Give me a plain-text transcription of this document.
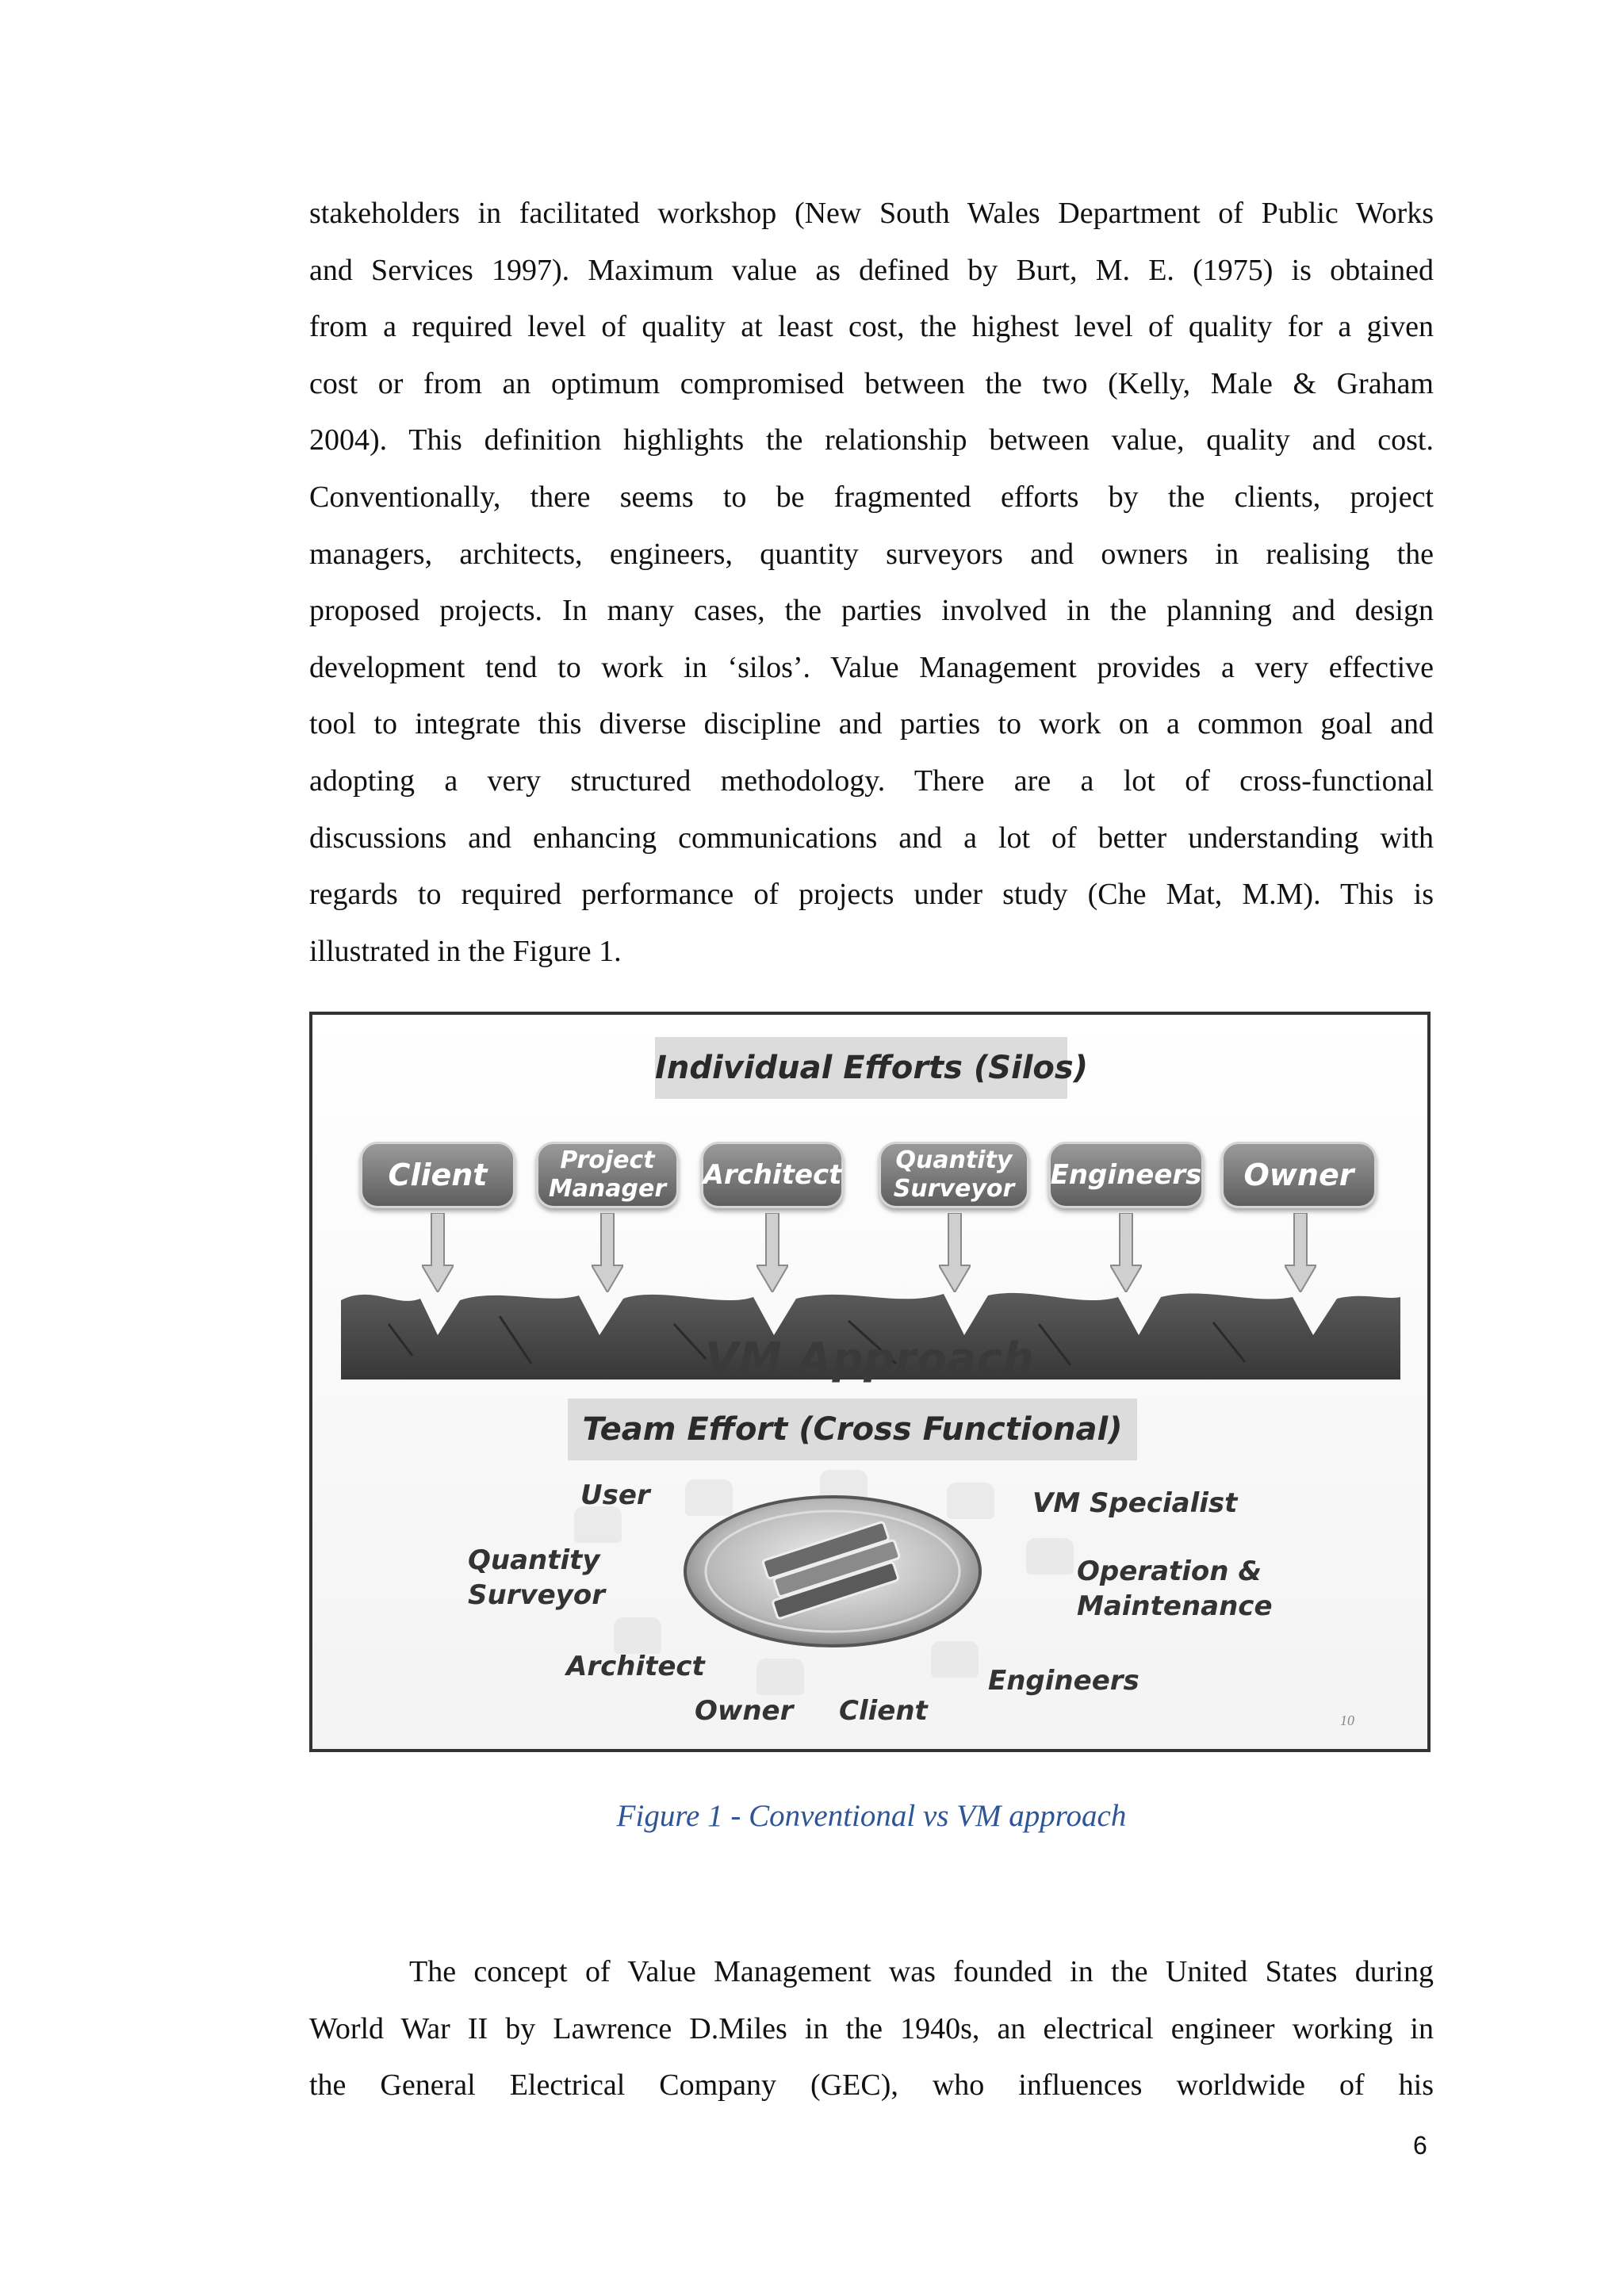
stakeholders in facilitated workshop (New South Wales Department of Public Works
and Services 1997). Maximum value as defined by Burt, M. E. (1975) is obtained
from a required level of quality at least cost, the highest level of quality for a given
cost or from an optimum compromised between the two (Kelly, Male & Graham
2004). This definition highlights the relationship between value, quality and cost.
Conventionally, there seems to be fragmented efforts by the clients, project
managers, architects, engineers, quantity surveyors and owners in realising the
proposed projects. In many cases, the parties involved in the planning and design
development tend to work in ‘silos’. Value Management provides a very effective
tool to integrate this diverse discipline and parties to work on a common goal and
adopting a very structured methodology. There are a lot of cross-functional
discussions and enhancing communications and a lot of better understanding with
regards to required performance of projects under study (Che Mat, M.M). This is
illustrated in the Figure 1.
Individual Efforts (Silos)
Client	Project
Manager	Architect	Quantity
Surveyor	Engineers	Owner
VM Approach
Team Effort (Cross Functional)
User	VM Specialist
Quantity
Surveyor
Operation &
Maintenance
Architect	Engineers
Owner Client	10
Figure 1 - Conventional vs VM approach
The concept of Value Management was founded in the United States during
World War II by Lawrence D.Miles in the 1940s, an electrical engineer working in
the General Electrical Company (GEC), who influences worldwide of his
6
